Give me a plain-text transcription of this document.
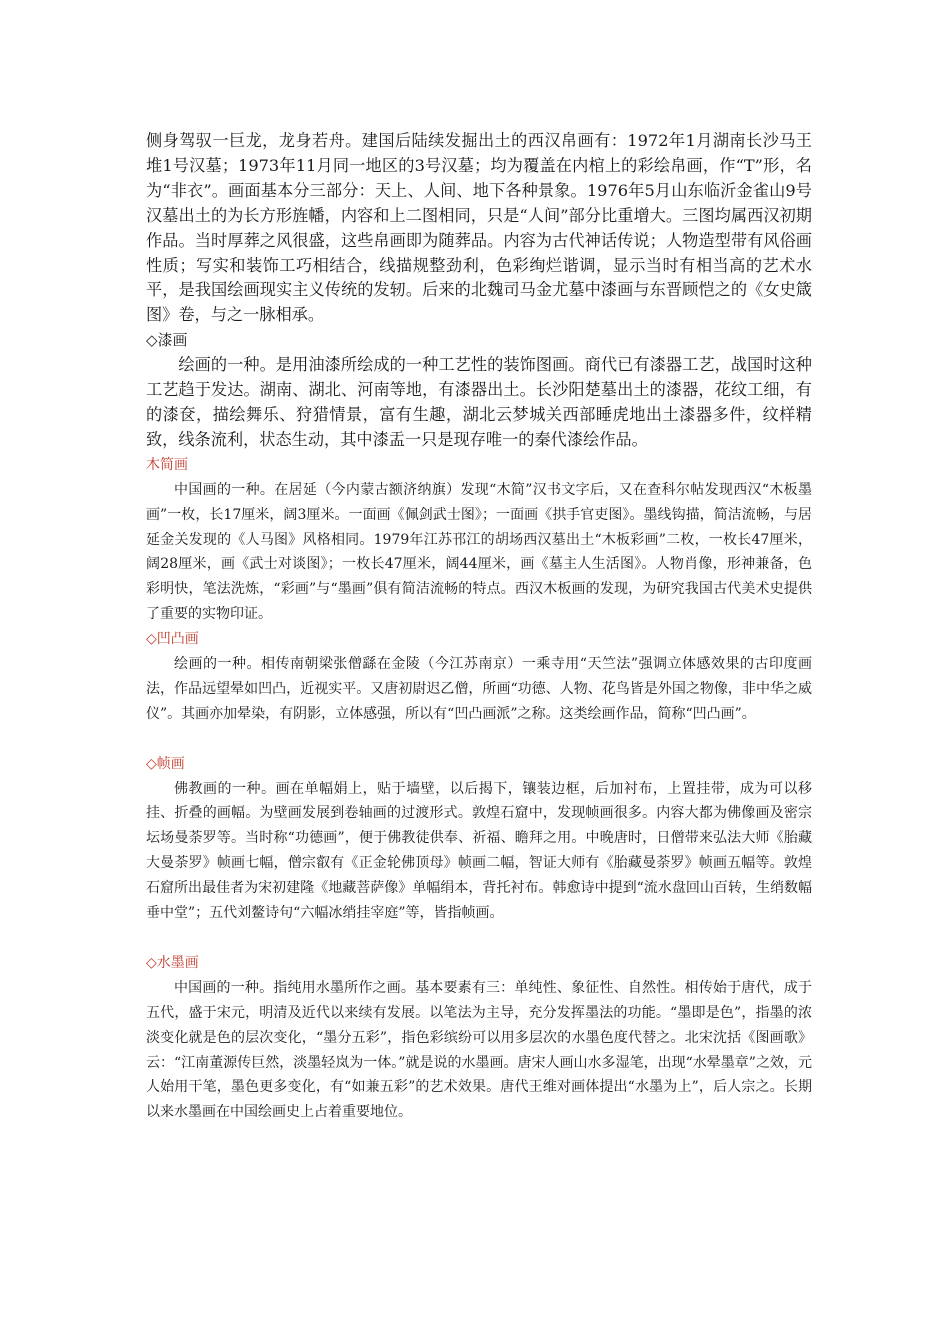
侧身驾驭一巨龙，龙身若舟。建国后陆续发掘出土的西汉帛画有：1972年1月湖南长沙马王堆1号汉墓；1973年11月同一地区的3号汉墓；均为覆盖在内棺上的彩绘帛画，作“T”形，名为“非衣”。画面基本分三部分：天上、人间、地下各种景象。1976年5月山东临沂金雀山9号汉墓出土的为长方形旌幡，内容和上二图相同，只是“人间”部分比重增大。三图均属西汉初期作品。当时厚葬之风很盛，这些帛画即为随葬品。内容为古代神话传说；人物造型带有风俗画性质；写实和装饰工巧相结合，线描规整劲利，色彩绚烂谐调，显示当时有相当高的艺术水平，是我国绘画现实主义传统的发轫。后来的北魏司马金尤墓中漆画与东晋顾恺之的《女史箴图》卷，与之一脉相承。

◇漆画

绘画的一种。是用油漆所绘成的一种工艺性的装饰图画。商代已有漆器工艺，战国时这种工艺趋于发达。湖南、湖北、河南等地，有漆器出土。长沙阳楚墓出土的漆器，花纹工细，有的漆奁，描绘舞乐、狩猎情景，富有生趣，湖北云梦城关西部睡虎地出土漆器多件，纹样精致，线条流利，状态生动，其中漆盂一只是现存唯一的秦代漆绘作品。

木简画

中国画的一种。在居延（今内蒙古额济纳旗）发现“木简”汉书文字后，又在查科尔帖发现西汉“木板墨画”一枚，长17厘米，阔3厘米。一面画《佩剑武士图》；一面画《拱手官吏图》。墨线钩描，简洁流畅，与居延金关发现的《人马图》风格相同。1979年江苏邗江的胡场西汉墓出土“木板彩画”二枚，一枚长47厘米，阔28厘米，画《武士对谈图》；一枚长47厘米，阔44厘米，画《墓主人生活图》。人物肖像，形神兼备，色彩明快，笔法洗炼，“彩画”与“墨画”俱有简洁流畅的特点。西汉木板画的发现，为研究我国古代美术史提供了重要的实物印证。

◇凹凸画

绘画的一种。相传南朝梁张僧繇在金陵（今江苏南京）一乘寺用“天竺法”强调立体感效果的古印度画法，作品远望晕如凹凸，近视实平。又唐初尉迟乙僧，所画“功德、人物、花鸟皆是外国之物像，非中华之威仪”。其画亦加晕染，有阴影，立体感强，所以有“凹凸画派”之称。这类绘画作品，简称“凹凸画”。

◇帧画

佛教画的一种。画在单幅娟上，贴于墙壁，以后揭下，镶装边框，后加衬布，上置挂带，成为可以移挂、折叠的画幅。为壁画发展到卷轴画的过渡形式。敦煌石窟中，发现帧画很多。内容大都为佛像画及密宗坛场曼荼罗等。当时称“功德画”，便于佛教徒供奉、祈福、瞻拜之用。中晚唐时，日僧带来弘法大师《胎藏大曼荼罗》帧画七幅，僧宗叡有《正金轮佛顶母》帧画二幅，智证大师有《胎藏曼荼罗》帧画五幅等。敦煌石窟所出最佳者为宋初建隆《地藏菩萨像》单幅绢本，背托衬布。韩愈诗中提到“流水盘回山百转，生绡数幅垂中堂”；五代刘鳌诗句“六幅冰绡挂宰庭”等，皆指帧画。

◇水墨画

中国画的一种。指纯用水墨所作之画。基本要素有三：单纯性、象征性、自然性。相传始于唐代，成于五代，盛于宋元，明清及近代以来续有发展。以笔法为主导，充分发挥墨法的功能。“墨即是色”，指墨的浓淡变化就是色的层次变化，“墨分五彩”，指色彩缤纷可以用多层次的水墨色度代替之。北宋沈括《图画歌》云：“江南董源传巨然，淡墨轻岚为一体。”就是说的水墨画。唐宋人画山水多湿笔，出现“水晕墨章”之效，元人始用干笔，墨色更多变化，有“如兼五彩”的艺术效果。唐代王维对画体提出“水墨为上”，后人宗之。长期以来水墨画在中国绘画史上占着重要地位。
